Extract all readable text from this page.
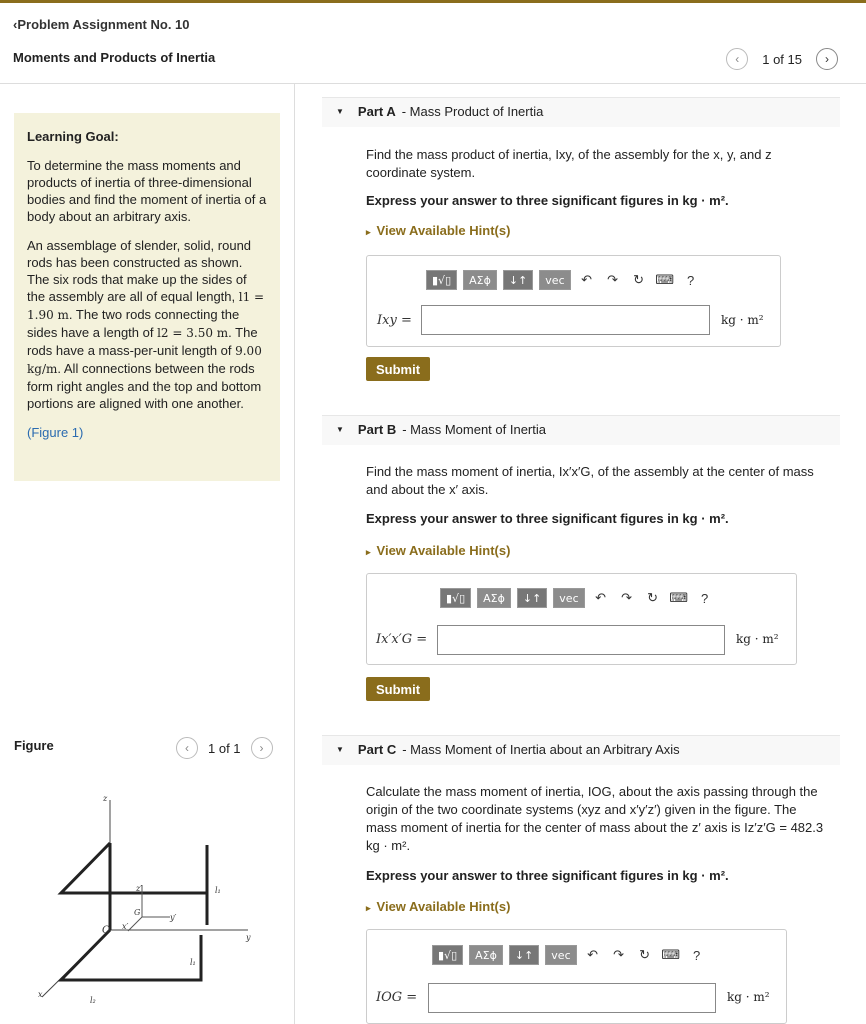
‹Problem Assignment No. 10
Moments and Products of Inertia	‹	1 of 15	›
Learning Goal:

To determine the mass moments and products of inertia of three-dimensional bodies and find the moment of inertia of a body about an arbitrary axis.

An assemblage of slender, solid, round rods has been constructed as shown. The six rods that make up the sides of the assembly are all of equal length, l1 = 1.90 m. The two rods connecting the sides have a length of l2 = 3.50 m. The rods have a mass-per-unit length of 9.00 kg/m. All connections between the rods form right angles and the top and bottom portions are aligned with one another.

(Figure 1)

Figure	‹	1 of 1	›
z
z′
O
G
y
y′
x′
x
l₁
l₁
l₂
▼ Part A - Mass Product of Inertia
Find the mass product of inertia, Ixy, of the assembly for the x, y, and z coordinate system.
Express your answer to three significant figures in kg · m².
▸ View Available Hint(s)
▮√▯	ΑΣϕ	↓↑	vec	↶	↷	↻ ⌨	?
Ixy =	kg · m²
Submit
▼ Part B - Mass Moment of Inertia
Find the mass moment of inertia, Ix′x′G, of the assembly at the center of mass and about the x′ axis.
Express your answer to three significant figures in kg · m².
▸ View Available Hint(s)
▮√▯	ΑΣϕ	↓↑	vec	↶	↷	↻ ⌨	?
Ix′x′G =	kg · m²
Submit
▼ Part C - Mass Moment of Inertia about an Arbitrary Axis
Calculate the mass moment of inertia, IOG, about the axis passing through the origin of the two coordinate systems (xyz and x′y′z′) given in the figure. The mass moment of inertia for the center of mass about the z′ axis is Iz′z′G = 482.3 kg · m².
Express your answer to three significant figures in kg · m².
▸ View Available Hint(s)
▮√▯	ΑΣϕ	↓↑	vec	↶	↷	↻ ⌨	?
IOG =	kg · m²
